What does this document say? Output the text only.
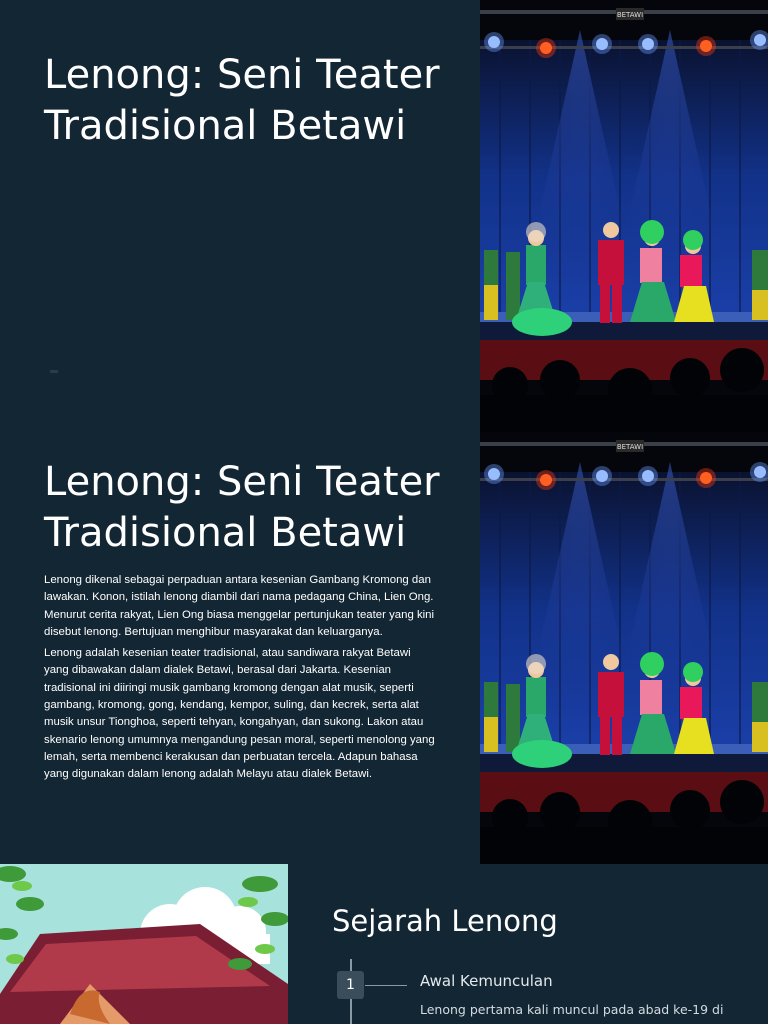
Lenong: Seni Teater Tradisional Betawi
BETAWI
Lenong: Seni Teater Tradisional Betawi

Lenong dikenal sebagai perpaduan antara kesenian Gambang Kromong dan lawakan. Konon, istilah lenong diambil dari nama pedagang China, Lien Ong. Menurut cerita rakyat, Lien Ong biasa menggelar pertunjukan teater yang kini disebut lenong. Bertujuan menghibur masyarakat dan keluarganya.

Lenong adalah kesenian teater tradisional, atau sandiwara rakyat Betawi yang dibawakan dalam dialek Betawi, berasal dari Jakarta. Kesenian tradisional ini diiringi musik gambang kromong dengan alat musik, seperti gambang, kromong, gong, kendang, kempor, suling, dan kecrek, serta alat musik unsur Tionghoa, seperti tehyan, kongahyan, dan sukong. Lakon atau skenario lenong umumnya mengandung pesan moral, seperti menolong yang lemah, serta membenci kerakusan dan perbuatan tercela. Adapun bahasa yang digunakan dalam lenong adalah Melayu atau dialek Betawi.

BETAWI
Sejarah Lenong
1	Awal Kemunculan
Lenong pertama kali muncul pada abad ke-19 di
